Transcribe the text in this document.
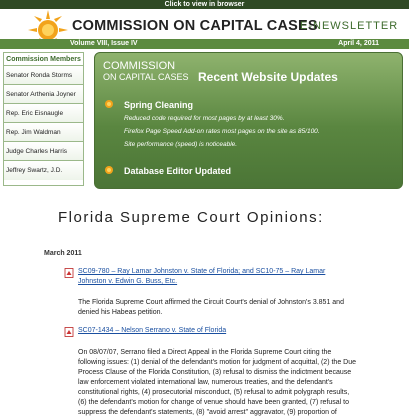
Click to view in browser
COMMISSION ON CAPITAL CASES
E-NEWSLETTER
Volume VIII, Issue IV	April 4, 2011
Commission Members
Senator Ronda Storms
Senator Arthenia Joyner
Rep. Eric Eisnaugle
Rep. Jim Waldman
Judge Charles Harris
Jeffrey Swartz, J.D.
COMMISSION
ON CAPITAL CASES Recent Website Updates
Spring Cleaning
Reduced code required for most pages by at least 30%.
Firefox Page Speed Add-on rates most pages on the site as 85/100.
Site performance (speed) is noticeable.
Database Editor Updated
Florida Supreme Court Opinions:
March 2011
SC09-780 – Ray Lamar Johnston v. State of Florida; and SC10-75 – Ray Lamar
Johnston v. Edwin G. Buss, Etc.
The Florida Supreme Court affirmed the Circuit Court's denial of Johnston's 3.851 and
denied his Habeas petition.
SC07-1434 – Nelson Serrano v. State of Florida
On 08/07/07, Serrano filed a Direct Appeal in the Florida Supreme Court citing the
following issues: (1) denial of the defendant's motion for judgment of acquittal, (2) the Due
Process Clause of the Florida Constitution, (3) refusal to dismiss the indictment because
law enforcement violated international law, numerous treaties, and the defendant's
constitutional rights, (4) prosecutorial misconduct, (5) refusal to admit polygraph results,
(6) the defendant's motion for change of venue should have been granted, (7) refusal to
suppress the defendant's statements, (8) "avoid arrest" aggravator, (9) proportion of
